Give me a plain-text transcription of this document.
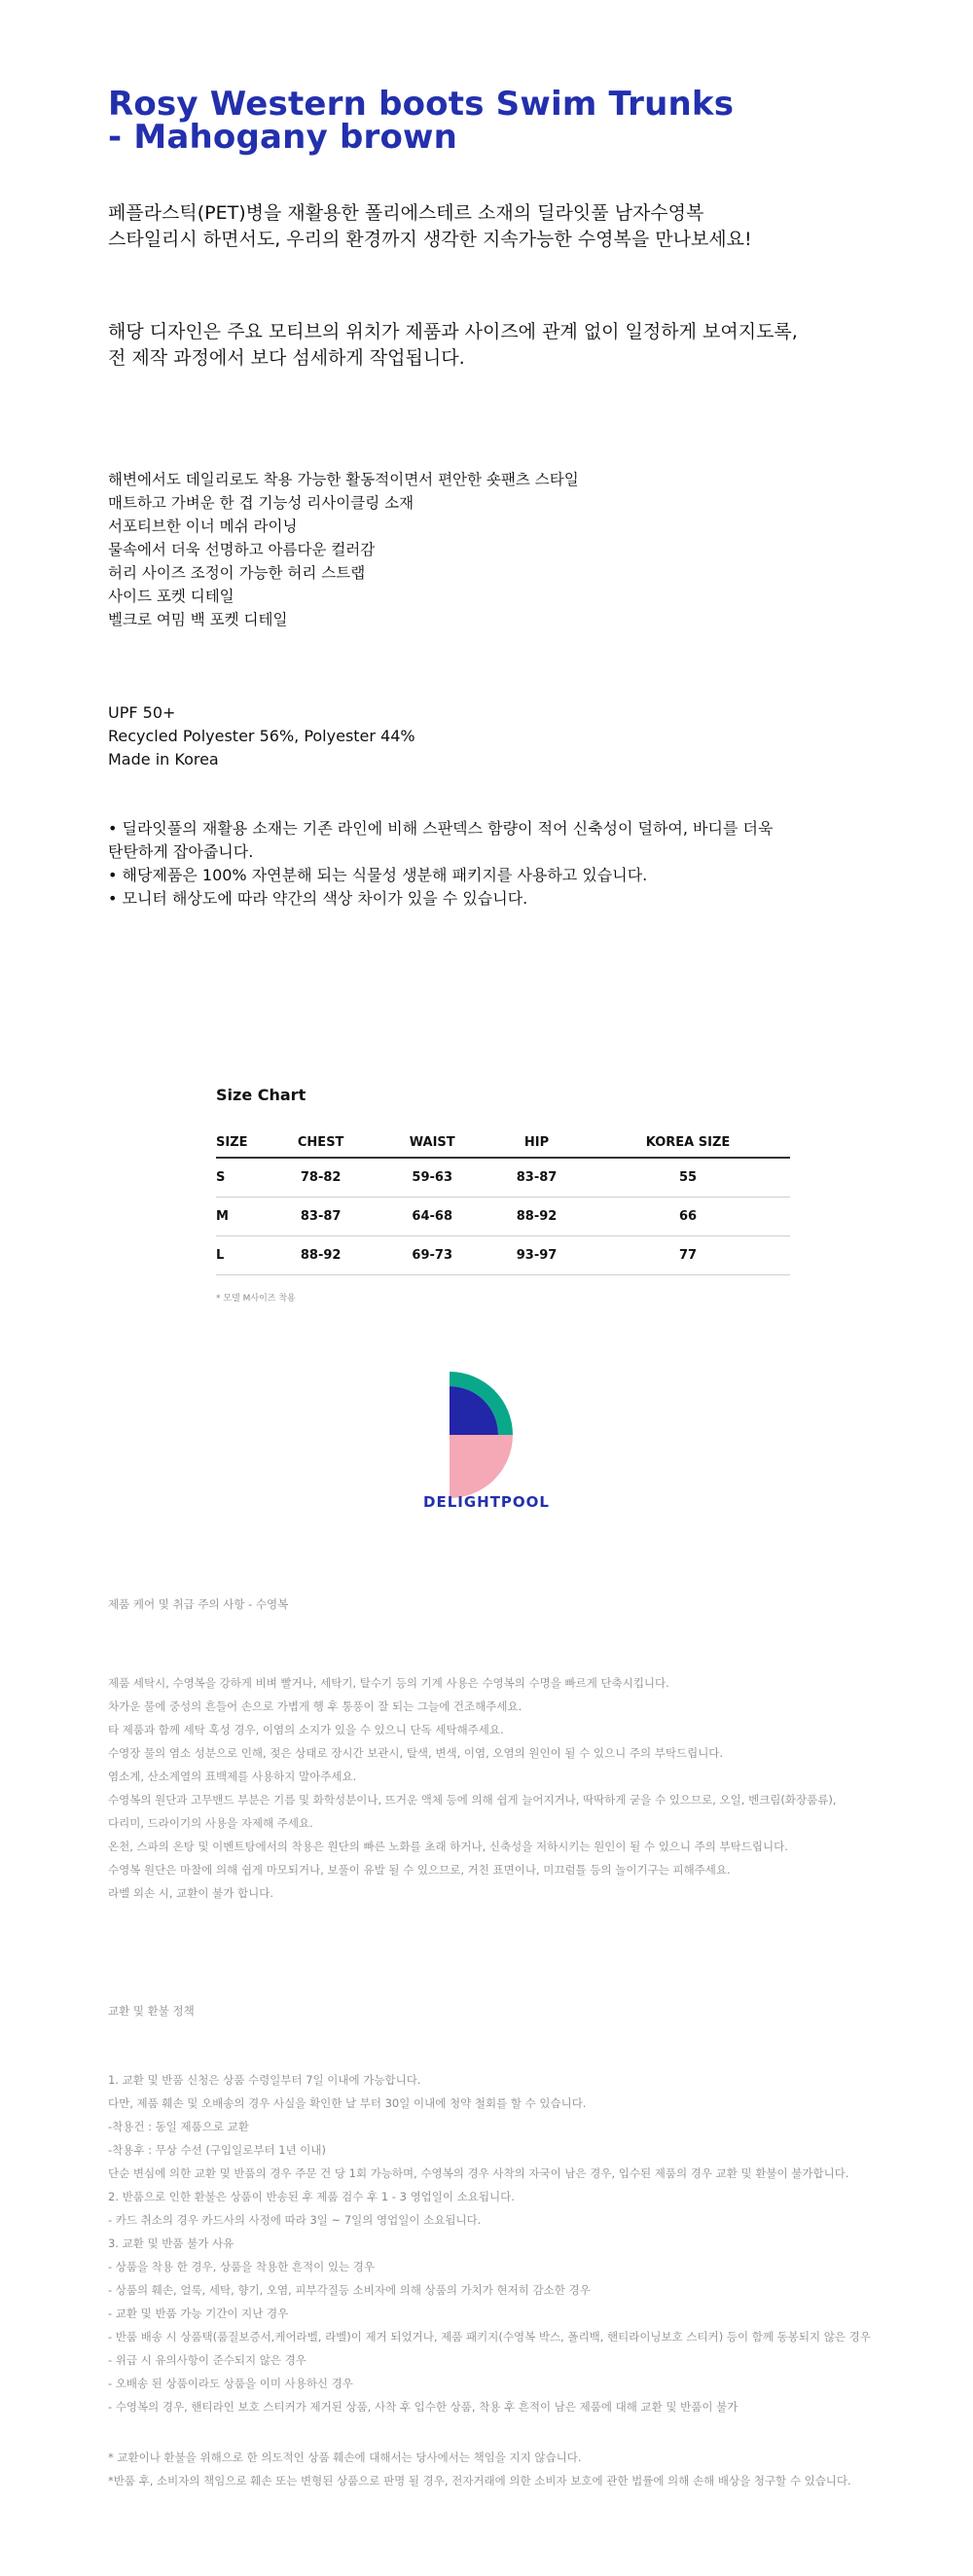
Rosy Western boots Swim Trunks
- Mahogany brown
페플라스틱(PET)병을 재활용한 폴리에스테르 소재의 딜라잇풀 남자수영복
스타일리시 하면서도, 우리의 환경까지 생각한 지속가능한 수영복을 만나보세요!
해당 디자인은 주요 모티브의 위치가 제품과 사이즈에 관계 없이 일정하게 보여지도록,
전 제작 과정에서 보다 섬세하게 작업됩니다.
해변에서도 데일리로도 착용 가능한 활동적이면서 편안한 숏팬츠 스타일
매트하고 가벼운 한 겹 기능성 리사이클링 소재
서포티브한 이너 메쉬 라이닝
물속에서 더욱 선명하고 아름다운 컬러감
허리 사이즈 조정이 가능한 허리 스트랩
사이드 포켓 디테일
벨크로 여밈 백 포켓 디테일
UPF 50+
Recycled Polyester 56%, Polyester 44%
Made in Korea
• 딜라잇풀의 재활용 소재는 기존 라인에 비해 스판덱스 함량이 적어 신축성이 덜하여, 바디를 더욱
탄탄하게 잡아줍니다.
• 해당제품은 100% 자연분해 되는 식물성 생분해 패키지를 사용하고 있습니다.
• 모니터 해상도에 따라 약간의 색상 차이가 있을 수 있습니다.
Size Chart
SIZE	CHEST	WAIST	HIP	KOREA SIZE
S	78-82	59-63	83-87	55
M	83-87	64-68	88-92	66
L	88-92	69-73	93-97	77
* 모델 M사이즈 착용
DELIGHTPOOL
제품 케어 및 취급 주의 사항 - 수영복
제품 세탁시, 수영복을 강하게 비벼 빨거나, 세탁기, 탈수기 등의 기계 사용은 수영복의 수명을 빠르게 단축시킵니다.
차가운 물에 중성의 흔들어 손으로 가볍게 헹 후 통풍이 잘 되는 그늘에 건조해주세요.
타 제품과 함께 세탁 혹성 경우, 이염의 소지가 있을 수 있으니 단독 세탁해주세요.
수영장 물의 염소 성분으로 인해, 젖은 상태로 장시간 보관시, 탈색, 변색, 이염, 오염의 원인이 될 수 있으니 주의 부탁드립니다.
염소계, 산소계열의 표백제를 사용하지 말아주세요.
수영복의 원단과 고무밴드 부분은 기름 및 화학성분이나, 뜨거운 액체 등에 의해 쉽게 늘어지거나, 딱딱하게 굳을 수 있으므로, 오일, 벤크림(화장품류),
다리미, 드라이기의 사용을 자제해 주세요.
온천, 스파의 온탕 및 이벤트탕에서의 착용은 원단의 빠른 노화를 초래 하거나, 신축성을 저하시키는 원인이 될 수 있으니 주의 부탁드립니다.
수영복 원단은 마찰에 의해 쉽게 마모되거나, 보풀이 유발 될 수 있으므로, 거친 표면이나, 미끄럼틀 등의 놀이기구는 피해주세요.
라벨 외손 시, 교환이 불가 합니다.
교환 및 환불 정책
1. 교환 및 반품 신청은 상품 수령일부터 7일 이내에 가능합니다.
다만, 제품 훼손 및 오배송의 경우 사실을 확인한 날 부터 30일 이내에 청약 철회를 할 수 있습니다.
-착용건 : 동일 제품으로 교환
-착용후 : 무상 수선 (구입일로부터 1년 이내)
단순 변심에 의한 교환 및 반품의 경우 주문 건 당 1회 가능하며, 수영복의 경우 사착의 자국이 남은 경우, 입수된 제품의 경우 교환 및 환불이 불가합니다.
2. 반품으로 인한 환불은 상품이 반송된 후 제품 검수 후 1 - 3 영업일이 소요됩니다.
- 카드 취소의 경우 카드사의 사정에 따라 3일 ~ 7일의 영업일이 소요됩니다.
3. 교환 및 반품 불가 사유
- 상품을 착용 한 경우, 상품을 착용한 흔적이 있는 경우
- 상품의 훼손, 얼룩, 세탁, 향기, 오염, 피부각질등 소비자에 의해 상품의 가치가 현저히 감소한 경우
- 교환 및 반품 가능 기간이 지난 경우
- 반품 배송 시 상품택(품질보증서,케어라벨, 라벨)이 제거 되었거나, 제품 패키지(수영복 박스, 폴리백, 핸티라이닝보호 스티커) 등이 함께 동봉되지 않은 경우
- 위급 시 유의사항이 준수되지 않은 경우
- 오배송 된 상품이라도 상품을 이미 사용하신 경우
- 수영복의 경우, 핸티라인 보호 스티커가 제거된 상품, 사착 후 입수한 상품, 착용 후 흔적이 남은 제품에 대해 교환 및 반품이 불가
* 교환이나 환불을 위해으로 한 의도적인 상품 훼손에 대해서는 당사에서는 책임을 지지 않습니다.
*반품 후, 소비자의 책임으로 훼손 또는 변형된 상품으로 판명 될 경우, 전자거래에 의한 소비자 보호에 관한 법률에 의해 손해 배상을 청구할 수 있습니다.
